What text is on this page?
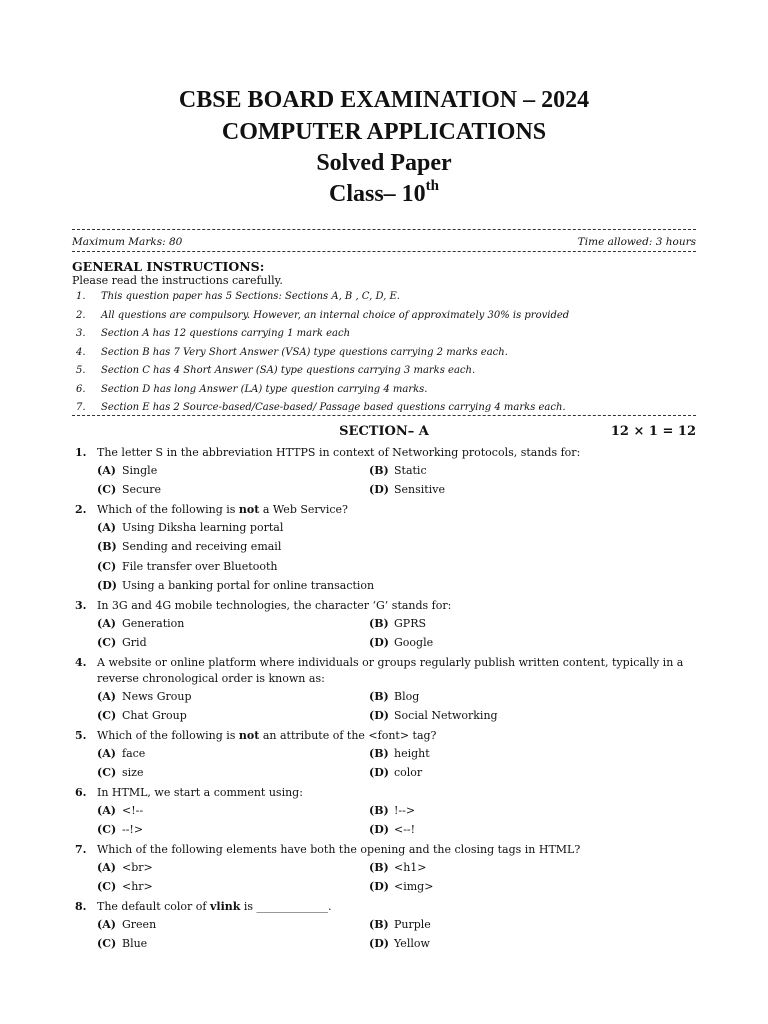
CBSE BOARD EXAMINATION – 2024
COMPUTER APPLICATIONS
Solved Paper
Class– 10th
Maximum Marks: 80	Time allowed: 3 hours
GENERAL INSTRUCTIONS:
Please read the instructions carefully.
1.	This question paper has 5 Sections: Sections A, B , C, D, E.
2.	All questions are compulsory. However, an internal choice of approximately 30% is provided
3.	Section A has 12 questions carrying 1 mark each
4.	Section B has 7 Very Short Answer (VSA) type questions carrying 2 marks each.
5.	Section C has 4 Short Answer (SA) type questions carrying 3 marks each.
6.	Section D has long Answer (LA) type question carrying 4 marks.
7.	Section E has 2 Source-based/Case-based/ Passage based questions carrying 4 marks each.
SECTION– A	12 × 1 = 12
1. The letter S in the abbreviation HTTPS in context of Networking protocols, stands for:
(A) Single	(B) Static
(C) Secure	(D) Sensitive
2. Which of the following is not a Web Service?
(A) Using Diksha learning portal
(B) Sending and receiving email
(C) File transfer over Bluetooth
(D) Using a banking portal for online transaction
3. In 3G and 4G mobile technologies, the character ‘G’ stands for:
(A) Generation	(B) GPRS
(C) Grid	(D) Google
4. A website or online platform where individuals or groups regularly publish written content, typically in a reverse chronological order is known as:
(A) News Group	(B) Blog
(C) Chat Group	(D) Social Networking
5. Which of the following is not an attribute of the <font> tag?
(A) face	(B) height
(C) size	(D) color
6. In HTML, we start a comment using:
(A) <!--	(B) !-->
(C) --!>	(D) <--!
7. Which of the following elements have both the opening and the closing tags in HTML?
(A) <br>	(B) <h1>
(C) <hr>	(D) <img>
8. The default color of vlink is _____________.
(A) Green	(B) Purple
(C) Blue	(D) Yellow
